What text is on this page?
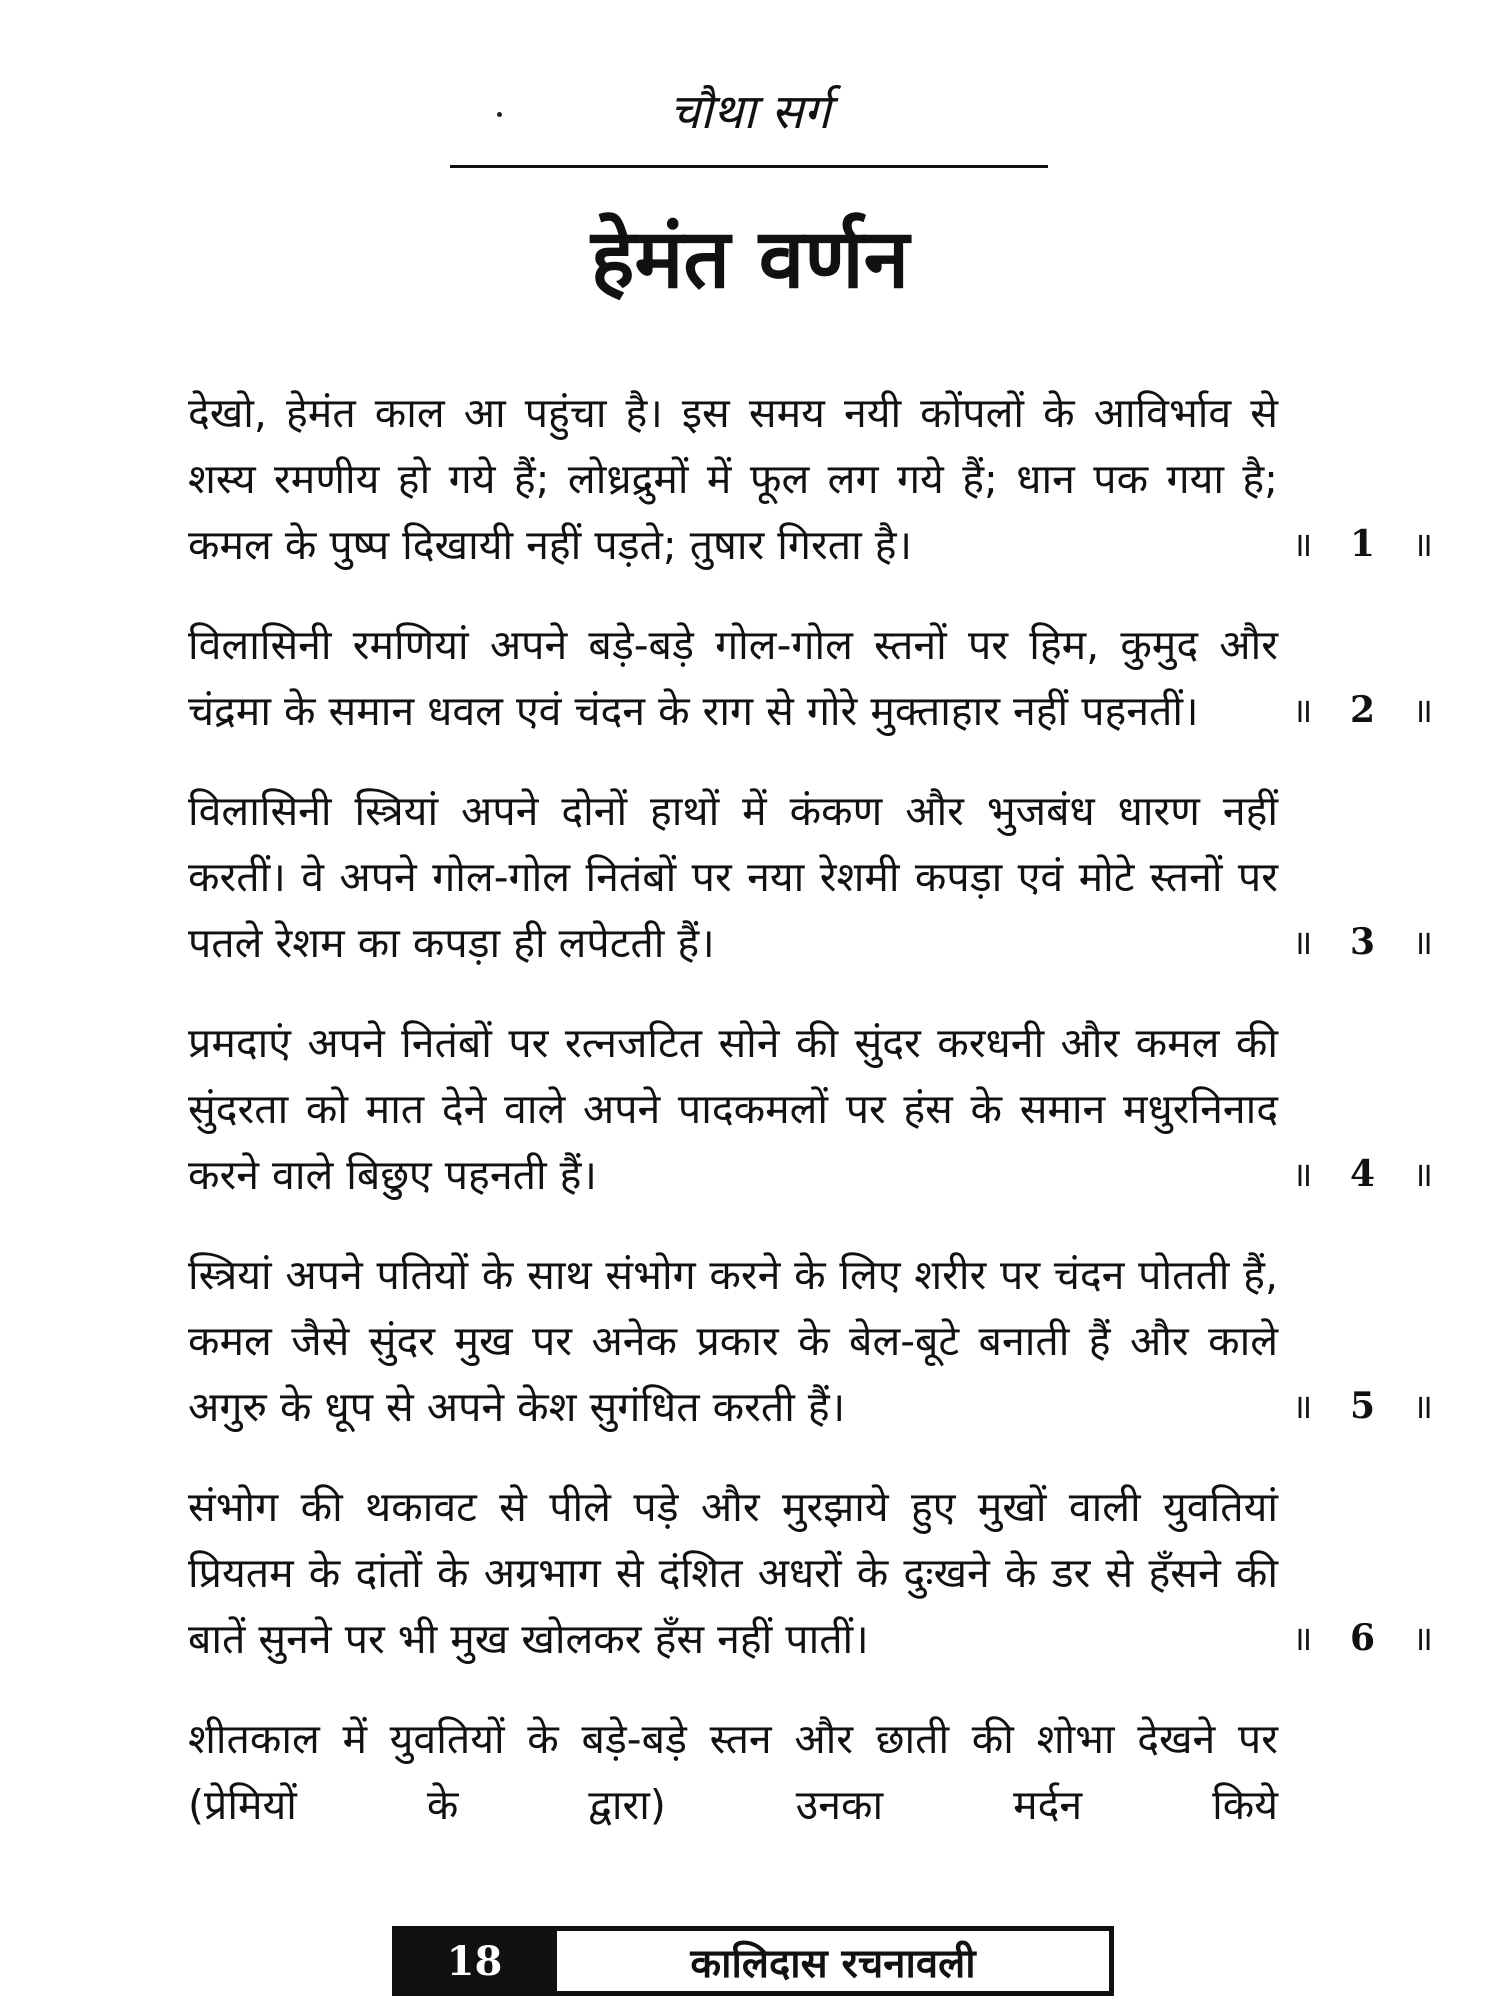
चौथा सर्ग
हेमंत वर्णन
देखो, हेमंत काल आ पहुंचा है। इस समय नयी कोंपलों के आविर्भाव से शस्य रमणीय हो गये हैं; लोध्रद्रुमों में फूल लग गये हैं; धान पक गया है; कमल के पुष्प दिखायी नहीं पड़ते; तुषार गिरता है।	॥ 1 ॥
विलासिनी रमणियां अपने बड़े-बड़े गोल-गोल स्तनों पर हिम, कुमुद और चंद्रमा के समान धवल एवं चंदन के राग से गोरे मुक्ताहार नहीं पहनतीं।	॥ 2 ॥
विलासिनी स्त्रियां अपने दोनों हाथों में कंकण और भुजबंध धारण नहीं करतीं। वे अपने गोल-गोल नितंबों पर नया रेशमी कपड़ा एवं मोटे स्तनों पर पतले रेशम का कपड़ा ही लपेटती हैं।	॥ 3 ॥
प्रमदाएं अपने नितंबों पर रत्नजटित सोने की सुंदर करधनी और कमल की सुंदरता को मात देने वाले अपने पादकमलों पर हंस के समान मधुरनिनाद करने वाले बिछुए पहनती हैं।	॥ 4 ॥
स्त्रियां अपने पतियों के साथ संभोग करने के लिए शरीर पर चंदन पोतती हैं, कमल जैसे सुंदर मुख पर अनेक प्रकार के बेल-बूटे बनाती हैं और काले अगुरु के धूप से अपने केश सुगंधित करती हैं।	॥ 5 ॥
संभोग की थकावट से पीले पड़े और मुरझाये हुए मुखों वाली युवतियां प्रियतम के दांतों के अग्रभाग से दंशित अधरों के दुःखने के डर से हँसने की बातें सुनने पर भी मुख खोलकर हँस नहीं पातीं।	॥ 6 ॥
शीतकाल में युवतियों के बड़े-बड़े स्तन और छाती की शोभा देखने पर (प्रेमियों के द्वारा) उनका मर्दन किये
18	कालिदास रचनावली
